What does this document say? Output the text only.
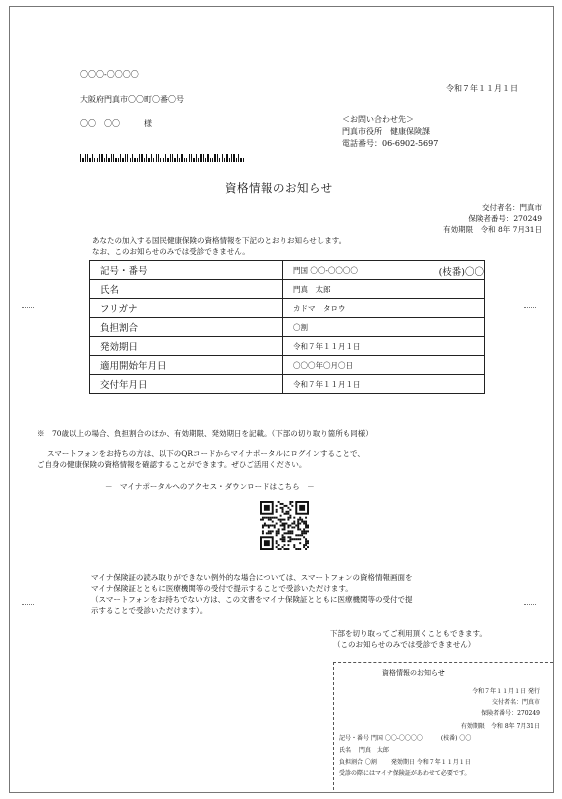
〇〇〇-〇〇〇〇
大阪府門真市〇〇町〇番〇号
〇〇　〇〇　　　様
令和７年１１月１日
＜お問い合わせ先＞
門真市役所　健康保険課
電話番号：06-6902-5697
資格情報のお知らせ
交付者名：門真市
保険者番号：270249
有効期限　令和 8年 7月31日
あなたの加入する国民健康保険の資格情報を下記のとおりお知らせします。
なお、このお知らせのみでは受診できません。
記号・番号	門国 〇〇-〇〇〇〇 (枝番)〇〇

氏名	門真　太郎
フリガナ	カドマ　タロウ
負担割合	〇割
発効期日	令和７年１１月１日
適用開始年月日	〇〇〇年〇月〇日
交付年月日	令和７年１１月１日
※　70歳以上の場合、負担割合のほか、有効期限、発効期日を記載。（下部の切り取り箇所も同様）
スマートフォンをお持ちの方は、以下のQRコードからマイナポータルにログインすることで、
ご自身の健康保険の資格情報を確認することができます。ぜひご活用ください。
－　マイナポータルへのアクセス・ダウンロードはこちら　－
マイナ保険証の読み取りができない例外的な場合については、スマートフォンの資格情報画面を
マイナ保険証とともに医療機関等の受付で提示することで受診いただけます。
（スマートフォンをお持ちでない方は、この文書をマイナ保険証とともに医療機関等の受付で提
示することで受診いただけます）。
下部を切り取ってご利用頂くこともできます。
（このお知らせのみでは受診できません）
資格情報のお知らせ
令和７年１１月１日 発行
交付者名：門真市
保険者番号：270249
有効期限　令和 8年 7月31日
記号・番号 門国 〇〇-〇〇〇〇　　　(枝番) 〇〇
氏名　 門真　太郎
負担割合 〇割　　 発効期日 令和７年１１月１日
受診の際にはマイナ保険証があわせて必要です。
